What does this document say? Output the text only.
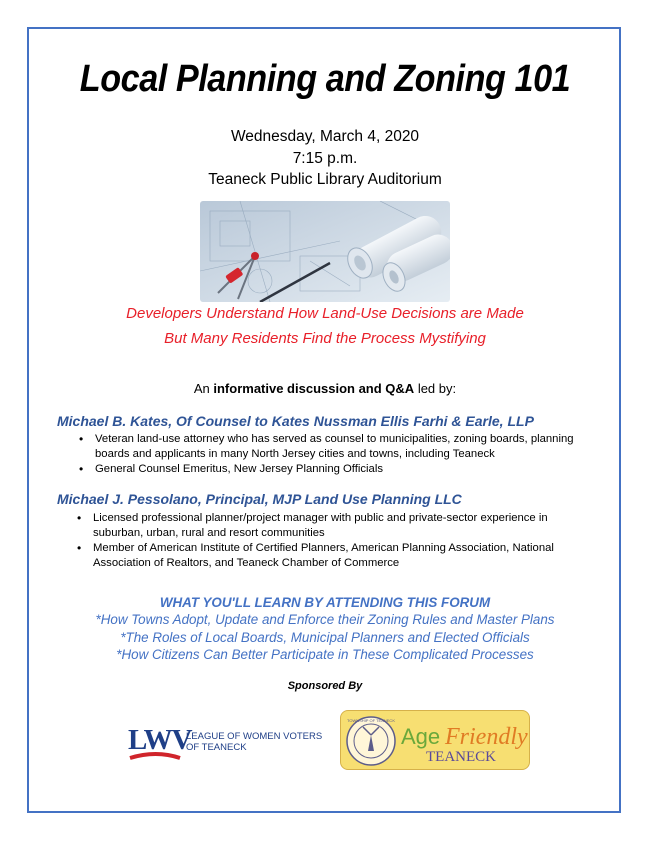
Local Planning and Zoning 101
Wednesday, March 4, 2020
7:15 p.m.
Teaneck Public Library Auditorium
Developers Understand How Land-Use Decisions are Made
But Many Residents Find the Process Mystifying
An informative discussion and Q&A led by:
Michael B. Kates, Of Counsel to Kates Nussman Ellis Farhi & Earle, LLP
• Veteran land-use attorney who has served as counsel to municipalities, zoning boards, planning boards and applicants in many North Jersey cities and towns, including Teaneck
• General Counsel Emeritus, New Jersey Planning Officials
Michael J. Pessolano, Principal, MJP Land Use Planning LLC
• Licensed professional planner/project manager with public and private-sector experience in suburban, urban, rural and resort communities
• Member of American Institute of Certified Planners, American Planning Association, National Association of Realtors, and Teaneck Chamber of Commerce
WHAT YOU'LL LEARN BY ATTENDING THIS FORUM
*How Towns Adopt, Update and Enforce their Zoning Rules and Master Plans
*The Roles of Local Boards, Municipal Planners and Elected Officials
*How Citizens Can Better Participate in These Complicated Processes
Sponsored By
LWV
LEAGUE OF WOMEN VOTERS
OF TEANECK
TOWNSHIP OF TEANECK
Age Friendly
TEANECK
